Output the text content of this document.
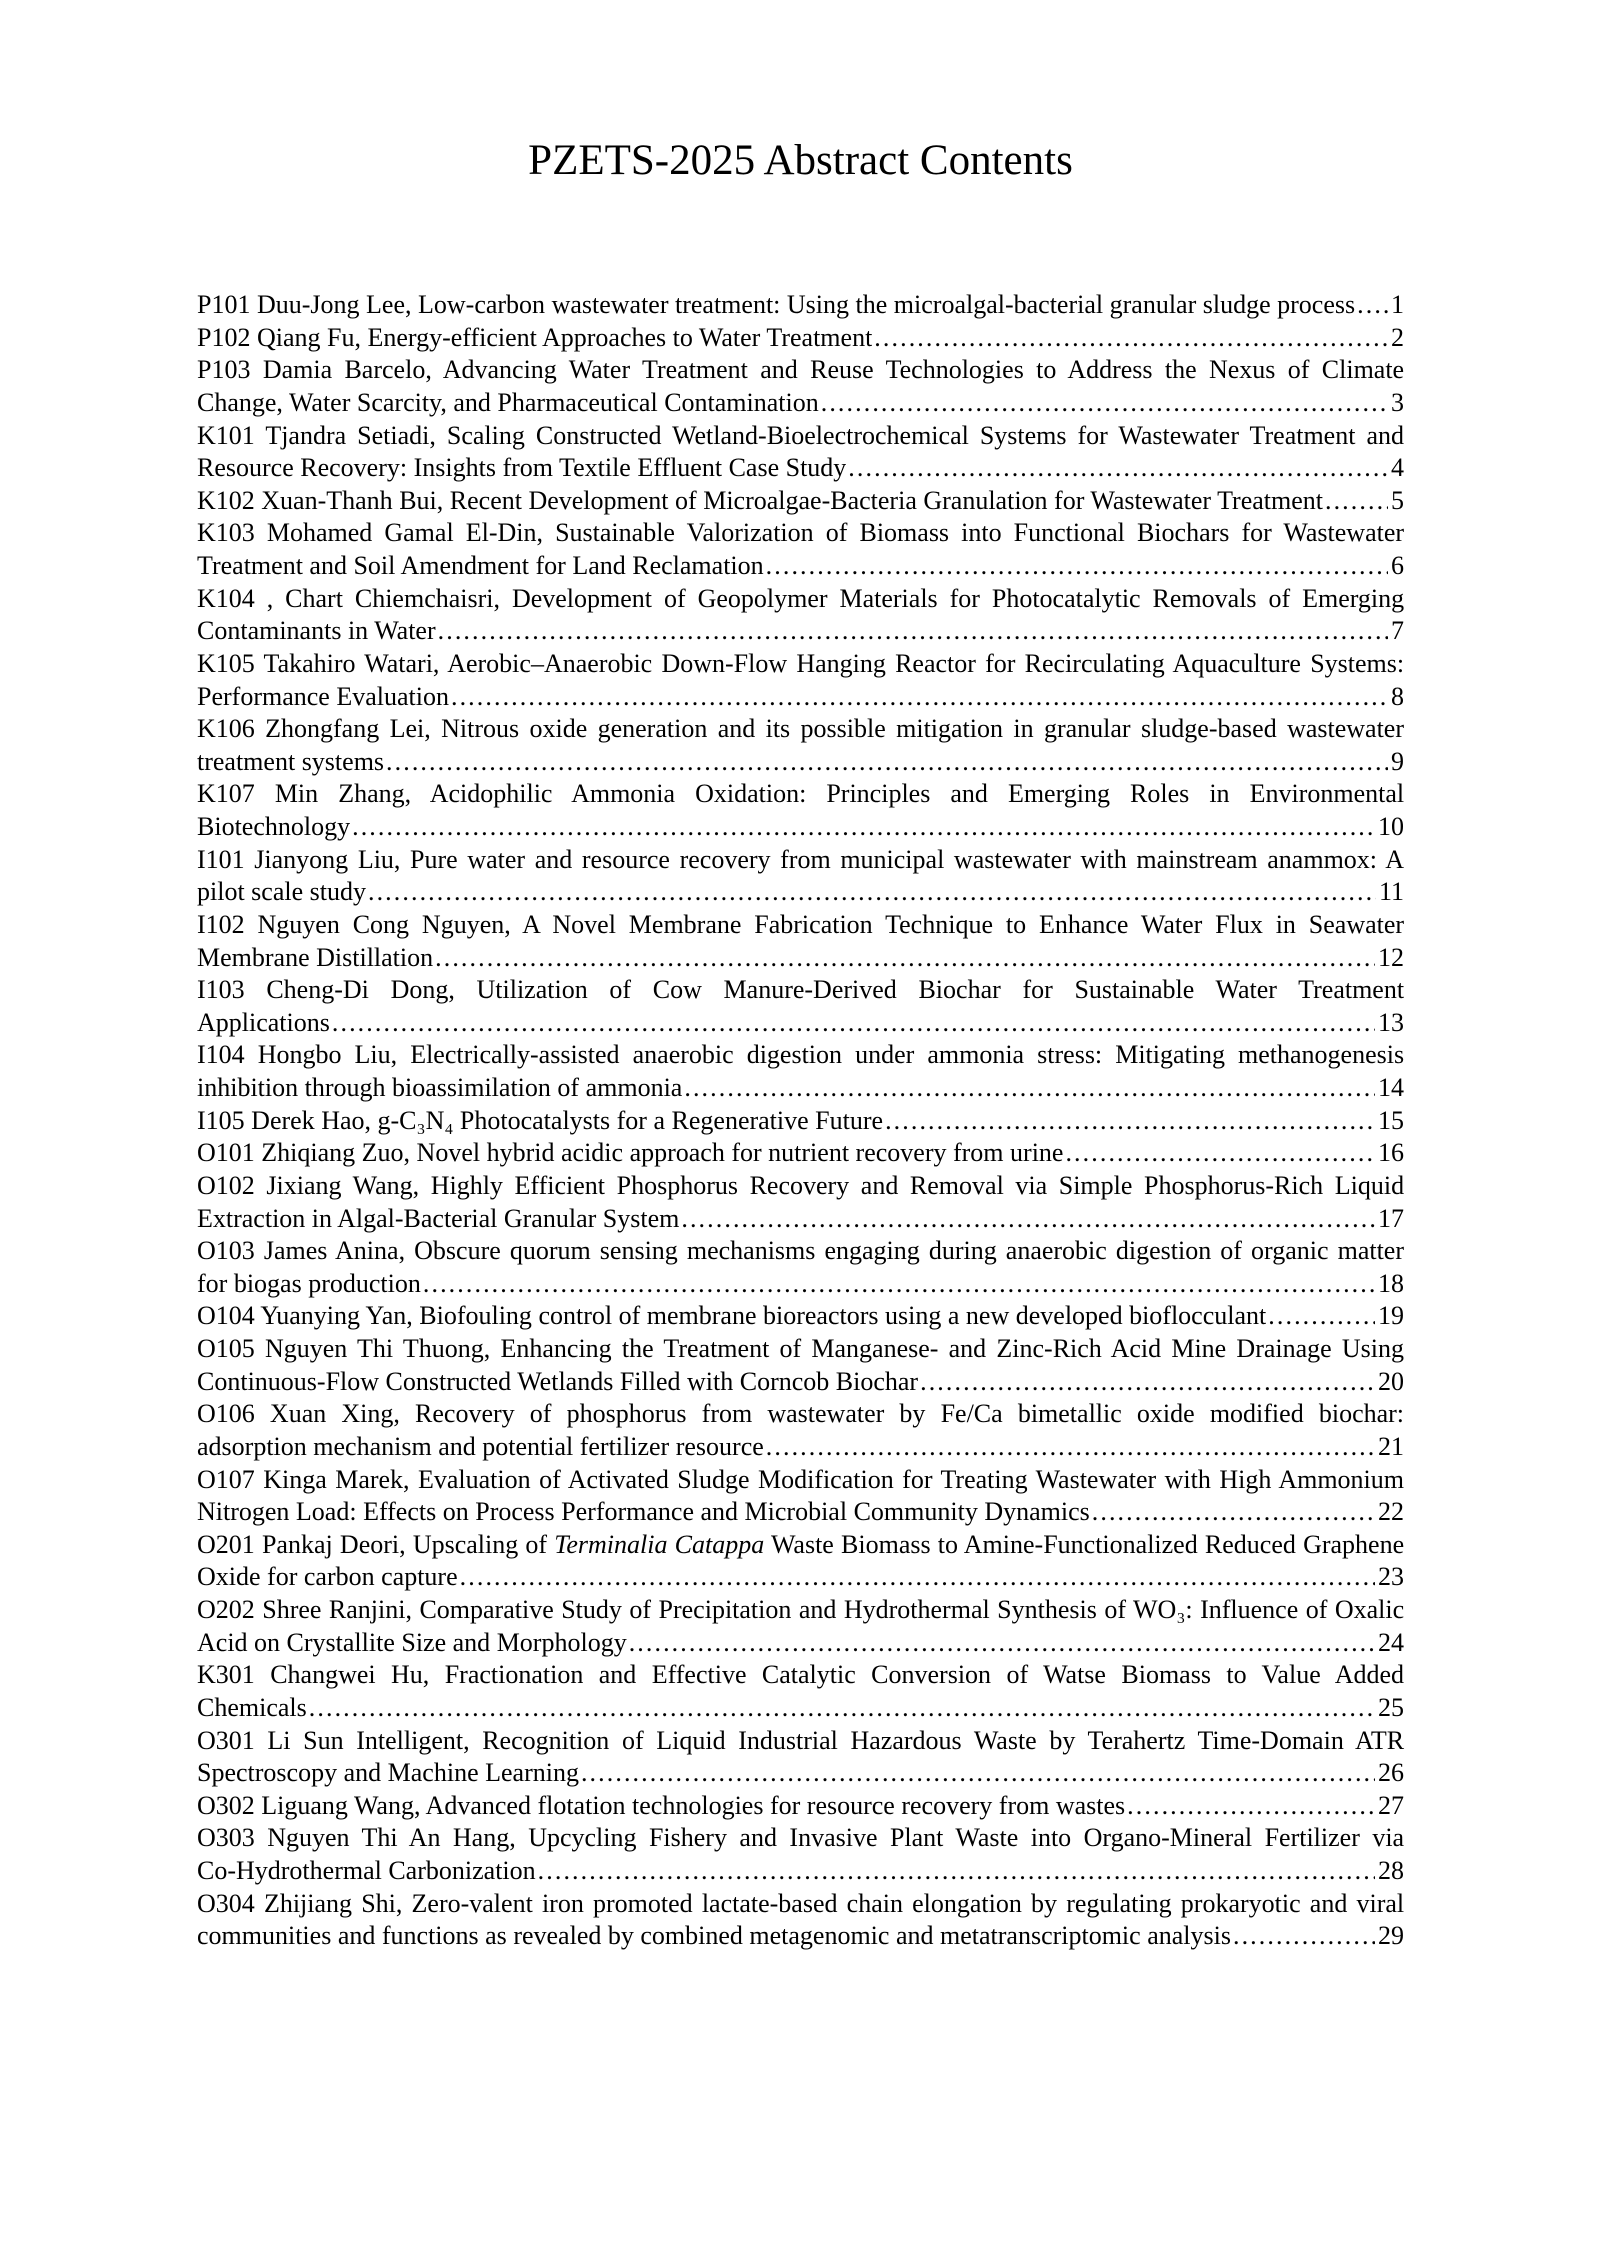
PZETS-2025 Abstract Contents
P101 Duu-Jong Lee, Low-carbon wastewater treatment: Using the microalgal-bacterial granular sludge process ..... 1
P102 Qiang Fu, Energy-efficient Approaches to Water Treatment .....	2
P103 Damia Barcelo, Advancing Water Treatment and Reuse Technologies to Address the Nexus of Climate
Change, Water Scarcity, and Pharmaceutical Contamination .....	3
K101 Tjandra Setiadi, Scaling Constructed Wetland-Bioelectrochemical Systems for Wastewater Treatment and
Resource Recovery: Insights from Textile Effluent Case Study .....	4
K102 Xuan-Thanh Bui, Recent Development of Microalgae-Bacteria Granulation for Wastewater Treatment .....	5
K103 Mohamed Gamal El-Din, Sustainable Valorization of Biomass into Functional Biochars for Wastewater
Treatment and Soil Amendment for Land Reclamation .....	6
K104 , Chart Chiemchaisri, Development of Geopolymer Materials for Photocatalytic Removals of Emerging
Contaminants in Water .....	7
K105 Takahiro Watari, Aerobic–Anaerobic Down-Flow Hanging Reactor for Recirculating Aquaculture Systems:
Performance Evaluation .....	8
K106 Zhongfang Lei, Nitrous oxide generation and its possible mitigation in granular sludge-based wastewater
treatment systems .....	9
K107 Min Zhang, Acidophilic Ammonia Oxidation: Principles and Emerging Roles in Environmental
Biotechnology .....	10
I101 Jianyong Liu, Pure water and resource recovery from municipal wastewater with mainstream anammox: A
pilot scale study .....	11
I102 Nguyen Cong Nguyen, A Novel Membrane Fabrication Technique to Enhance Water Flux in Seawater
Membrane Distillation .....	12
I103 Cheng-Di Dong, Utilization of Cow Manure-Derived Biochar for Sustainable Water Treatment
Applications .....	13
I104 Hongbo Liu, Electrically-assisted anaerobic digestion under ammonia stress: Mitigating methanogenesis
inhibition through bioassimilation of ammonia .....	14
I105 Derek Hao, g-C₃N₄ Photocatalysts for a Regenerative Future .....	15
O101 Zhiqiang Zuo, Novel hybrid acidic approach for nutrient recovery from urine .....	16
O102 Jixiang Wang, Highly Efficient Phosphorus Recovery and Removal via Simple Phosphorus-Rich Liquid
Extraction in Algal-Bacterial Granular System .....	17
O103 James Anina, Obscure quorum sensing mechanisms engaging during anaerobic digestion of organic matter
for biogas production .....	18
O104 Yuanying Yan, Biofouling control of membrane bioreactors using a new developed bioflocculant .....	19
O105 Nguyen Thi Thuong, Enhancing the Treatment of Manganese- and Zinc-Rich Acid Mine Drainage Using
Continuous-Flow Constructed Wetlands Filled with Corncob Biochar .....	20
O106 Xuan Xing, Recovery of phosphorus from wastewater by Fe/Ca bimetallic oxide modified biochar:
adsorption mechanism and potential fertilizer resource .....	21
O107 Kinga Marek, Evaluation of Activated Sludge Modification for Treating Wastewater with High Ammonium
Nitrogen Load: Effects on Process Performance and Microbial Community Dynamics .....	22
O201 Pankaj Deori, Upscaling of Terminalia Catappa Waste Biomass to Amine-Functionalized Reduced Graphene
Oxide for carbon capture .....	23
O202 Shree Ranjini, Comparative Study of Precipitation and Hydrothermal Synthesis of WO₃: Influence of Oxalic
Acid on Crystallite Size and Morphology .....	24
K301 Changwei Hu, Fractionation and Effective Catalytic Conversion of Watse Biomass to Value Added
Chemicals .....	25
O301 Li Sun Intelligent, Recognition of Liquid Industrial Hazardous Waste by Terahertz Time-Domain ATR
Spectroscopy and Machine Learning .....	26
O302 Liguang Wang, Advanced flotation technologies for resource recovery from wastes .....	27
O303 Nguyen Thi An Hang, Upcycling Fishery and Invasive Plant Waste into Organo-Mineral Fertilizer via
Co-Hydrothermal Carbonization .....	28
O304 Zhijiang Shi, Zero-valent iron promoted lactate-based chain elongation by regulating prokaryotic and viral
communities and functions as revealed by combined metagenomic and metatranscriptomic analysis .....	29
